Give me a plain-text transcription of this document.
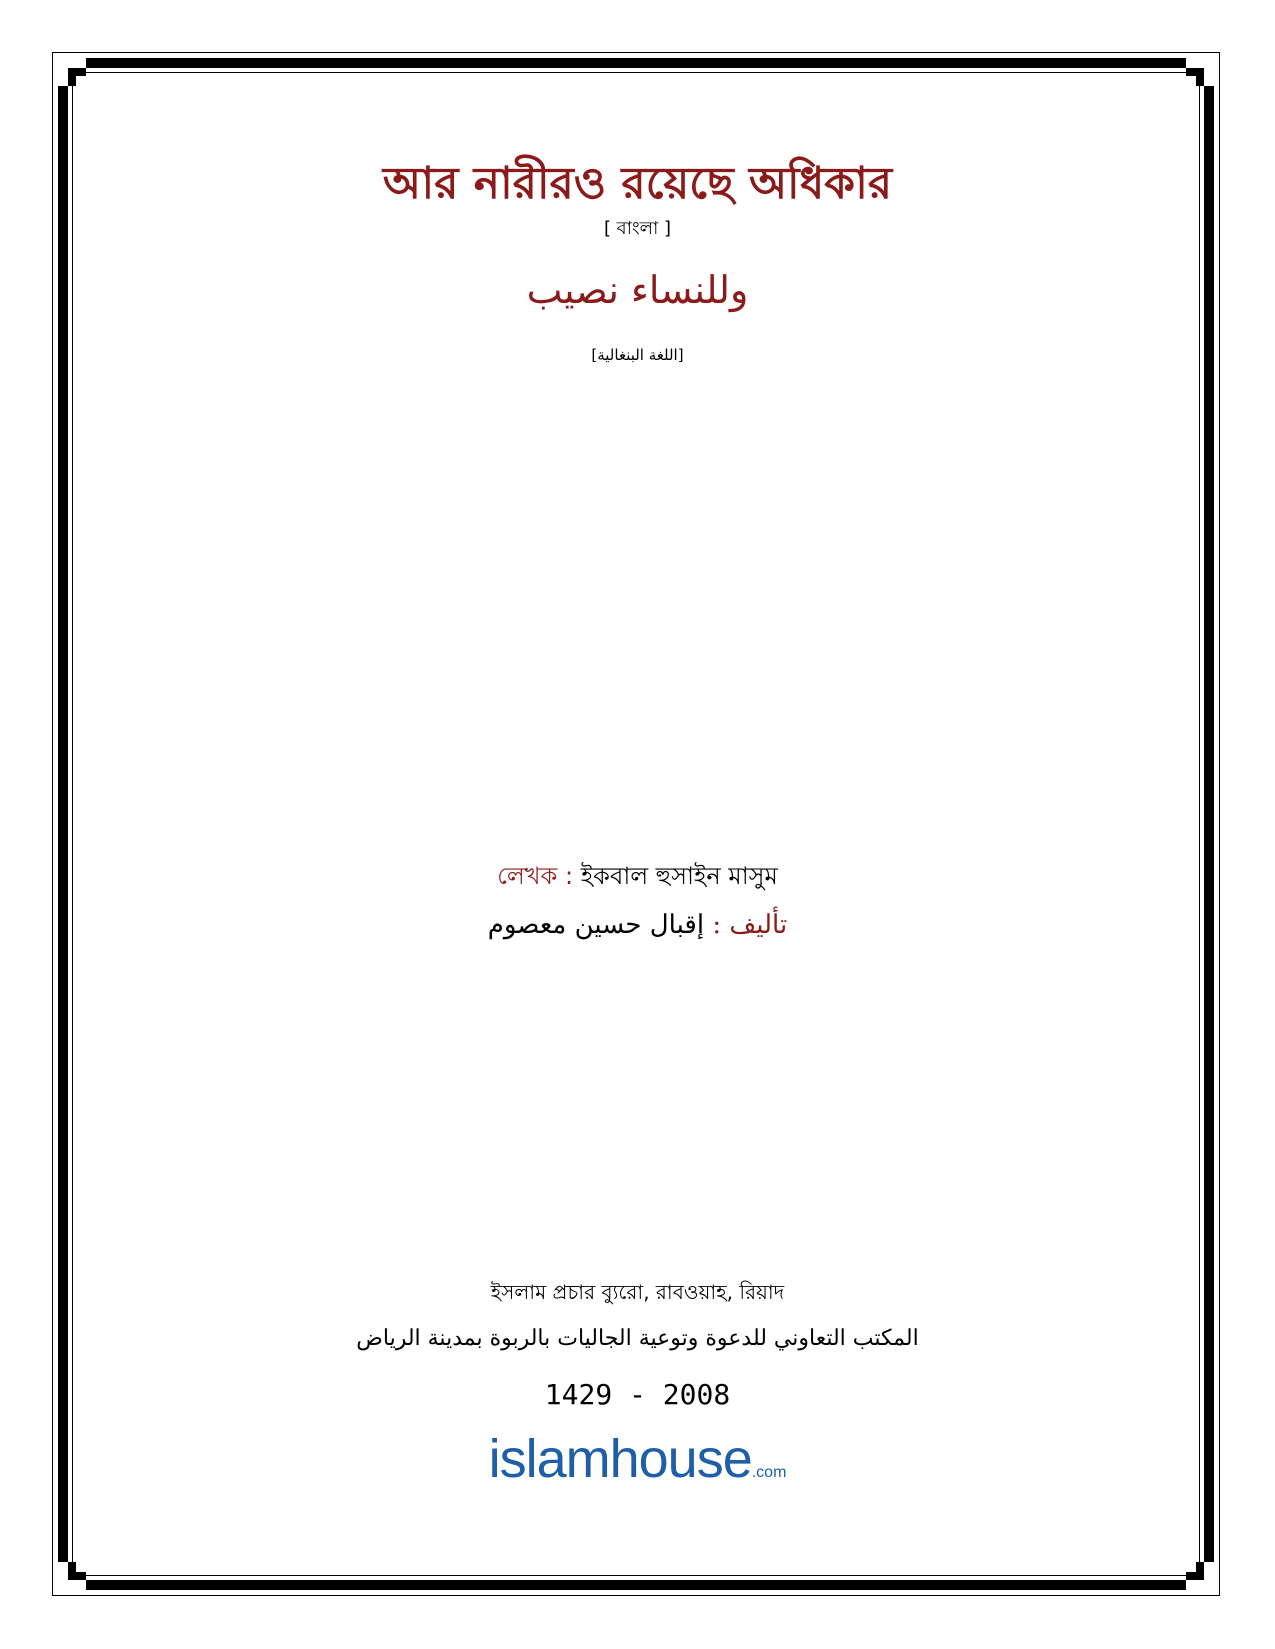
আর নারীরও রয়েছে অধিকার
[ বাংলা ]
وللنساء نصيب
[اللغة البنغالية]
লেখক : ইকবাল হুসাইন মাসুম
تأليف : إقبال حسين معصوم
ইসলাম প্রচার ব্যুরো, রাবওয়াহ, রিয়াদ
المكتب التعاوني للدعوة وتوعية الجاليات بالربوة بمدينة الرياض
1429 - 2008
islamhouse.com
